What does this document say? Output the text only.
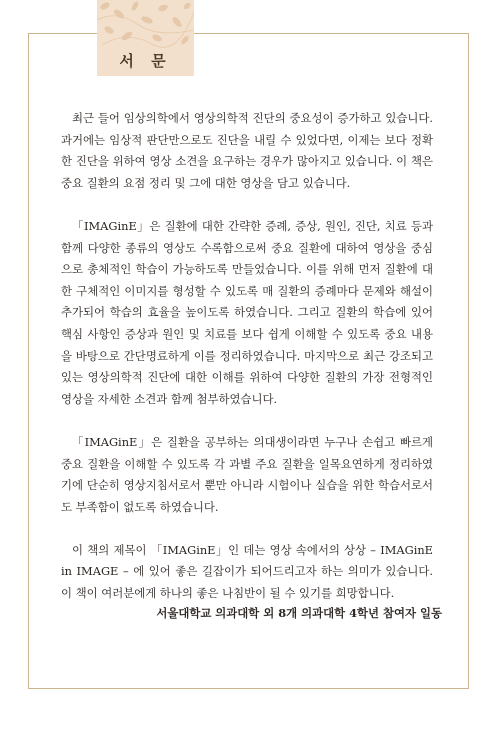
서 문

최근 들어 임상의학에서 영상의학적 진단의 중요성이 증가하고 있습니다. 과거에는 임상적 판단만으로도 진단을 내릴 수 있었다면, 이제는 보다 정확한 진단을 위하여 영상 소견을 요구하는 경우가 많아지고 있습니다. 이 책은 중요 질환의 요점 정리 및 그에 대한 영상을 담고 있습니다.

「IMAGinE」은 질환에 대한 간략한 증례, 증상, 원인, 진단, 치료 등과 함께 다양한 종류의 영상도 수록함으로써 중요 질환에 대하여 영상을 중심으로 총체적인 학습이 가능하도록 만들었습니다. 이를 위해 먼저 질환에 대한 구체적인 이미지를 형성할 수 있도록 매 질환의 증례마다 문제와 해설이 추가되어 학습의 효율을 높이도록 하였습니다. 그리고 질환의 학습에 있어 핵심 사항인 증상과 원인 및 치료를 보다 쉽게 이해할 수 있도록 중요 내용을 바탕으로 간단명료하게 이를 정리하였습니다. 마지막으로 최근 강조되고 있는 영상의학적 진단에 대한 이해를 위하여 다양한 질환의 가장 전형적인 영상을 자세한 소견과 함께 첨부하였습니다.

「IMAGinE」은 질환을 공부하는 의대생이라면 누구나 손쉽고 빠르게 중요 질환을 이해할 수 있도록 각 과별 주요 질환을 일목요연하게 정리하였기에 단순히 영상지침서로서 뿐만 아니라 시험이나 실습을 위한 학습서로서도 부족함이 없도록 하였습니다.

이 책의 제목이 「IMAGinE」인 데는 영상 속에서의 상상 – IMAGinE in IMAGE – 에 있어 좋은 길잡이가 되어드리고자 하는 의미가 있습니다. 이 책이 여러분에게 하나의 좋은 나침반이 될 수 있기를 희망합니다.

서울대학교 의과대학 외 8개 의과대학 4학년 참여자 일동
